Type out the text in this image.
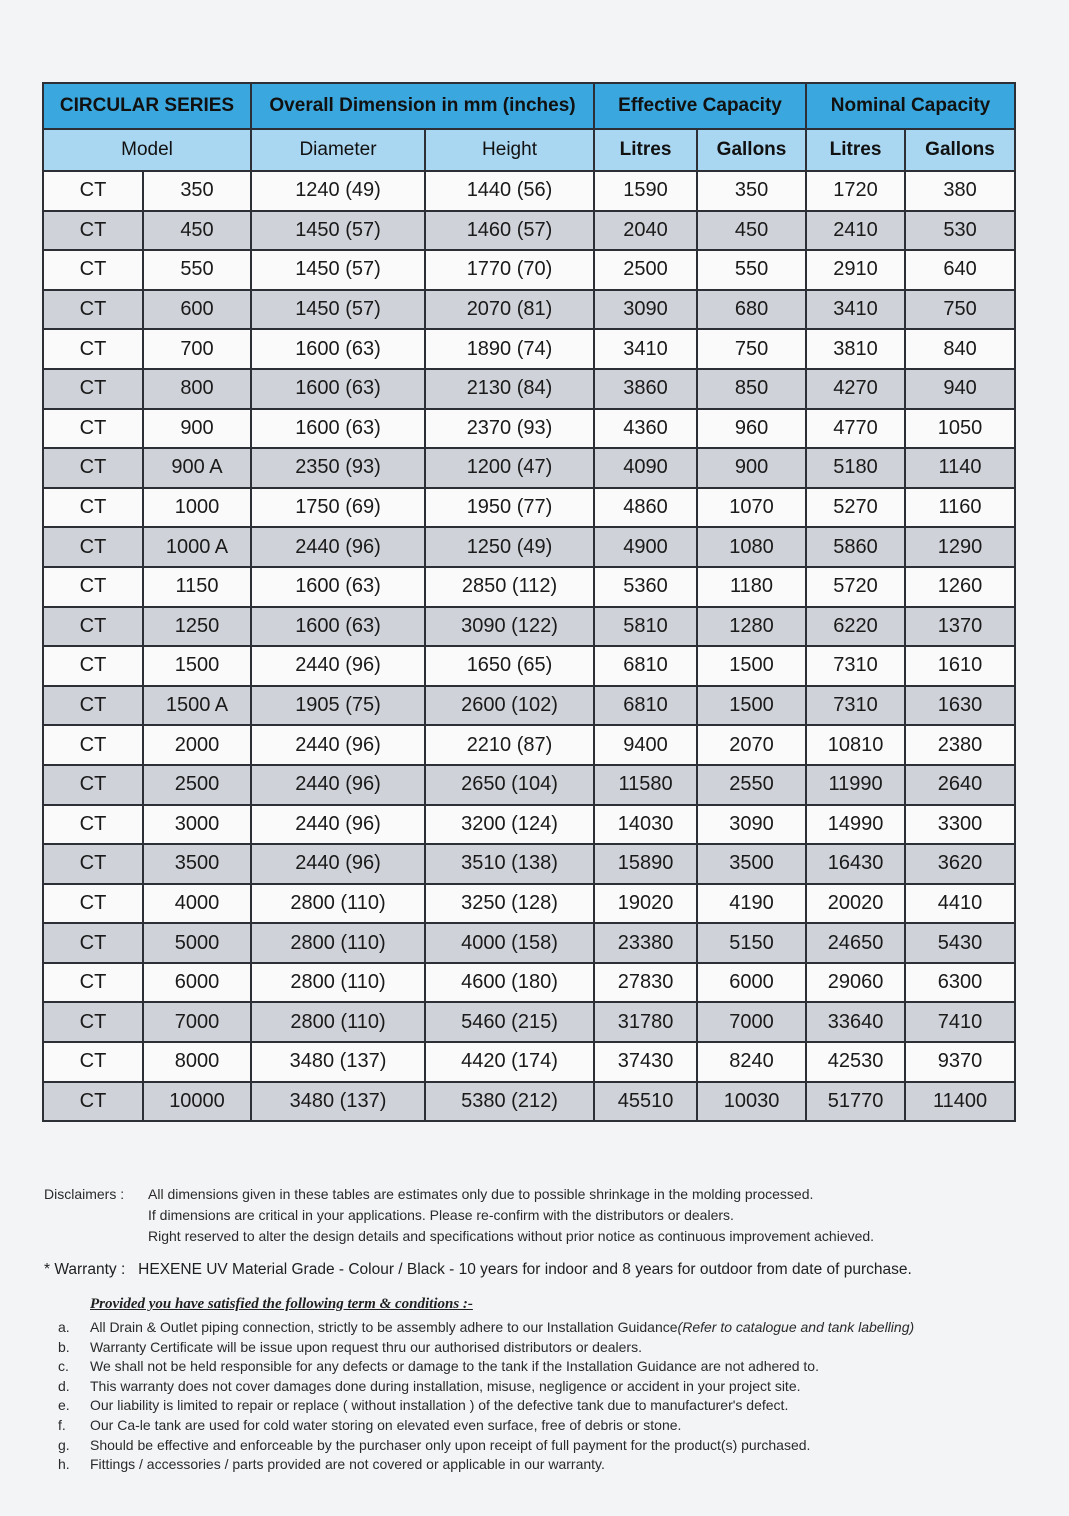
CIRCULAR SERIES		Overall Dimension in mm (inches)		Effective Capacity		Nominal Capacity	
Model		Diameter	Height	Litres	Gallons	Litres	Gallons
CT	350	1240 (49)	1440 (56)	1590	350	1720	380
CT	450	1450 (57)	1460 (57)	2040	450	2410	530
CT	550	1450 (57)	1770 (70)	2500	550	2910	640
CT	600	1450 (57)	2070 (81)	3090	680	3410	750
CT	700	1600 (63)	1890 (74)	3410	750	3810	840
CT	800	1600 (63)	2130 (84)	3860	850	4270	940
CT	900	1600 (63)	2370 (93)	4360	960	4770	1050
CT	900 A	2350 (93)	1200 (47)	4090	900	5180	1140
CT	1000	1750 (69)	1950 (77)	4860	1070	5270	1160
CT	1000 A	2440 (96)	1250 (49)	4900	1080	5860	1290
CT	1150	1600 (63)	2850 (112)	5360	1180	5720	1260
CT	1250	1600 (63)	3090 (122)	5810	1280	6220	1370
CT	1500	2440 (96)	1650 (65)	6810	1500	7310	1610
CT	1500 A	1905 (75)	2600 (102)	6810	1500	7310	1630
CT	2000	2440 (96)	2210 (87)	9400	2070	10810	2380
CT	2500	2440 (96)	2650 (104)	11580	2550	11990	2640
CT	3000	2440 (96)	3200 (124)	14030	3090	14990	3300
CT	3500	2440 (96)	3510 (138)	15890	3500	16430	3620
CT	4000	2800 (110)	3250 (128)	19020	4190	20020	4410
CT	5000	2800 (110)	4000 (158)	23380	5150	24650	5430
CT	6000	2800 (110)	4600 (180)	27830	6000	29060	6300
CT	7000	2800 (110)	5460 (215)	31780	7000	33640	7410
CT	8000	3480 (137)	4420 (174)	37430	8240	42530	9370
CT	10000	3480 (137)	5380 (212)	45510	10030	51770	11400
Disclaimers :	All dimensions given in these tables are estimates only due to possible shrinkage in the molding processed.
If dimensions are critical in your applications. Please re-confirm with the distributors or dealers.
Right reserved to alter the design details and specifications without prior notice as continuous improvement achieved.
* Warranty : HEXENE UV Material Grade - Colour / Black - 10 years for indoor and 8 years for outdoor from date of purchase.
Provided you have satisfied the following term & conditions :-
a.	All Drain & Outlet piping connection, strictly to be assembly adhere to our Installation Guidance (Refer to catalogue and tank labelling)
b.	Warranty Certificate will be issue upon request thru our authorised distributors or dealers.
c.	We shall not be held responsible for any defects or damage to the tank if the Installation Guidance are not adhered to.
d.	This warranty does not cover damages done during installation, misuse, negligence or accident in your project site.
e.	Our liability is limited to repair or replace ( without installation ) of the defective tank due to manufacturer's defect.
f.	Our Ca-le tank are used for cold water storing on elevated even surface, free of debris or stone.
g.	Should be effective and enforceable by the purchaser only upon receipt of full payment for the product(s) purchased.
h.	Fittings / accessories / parts provided are not covered or applicable in our warranty.
